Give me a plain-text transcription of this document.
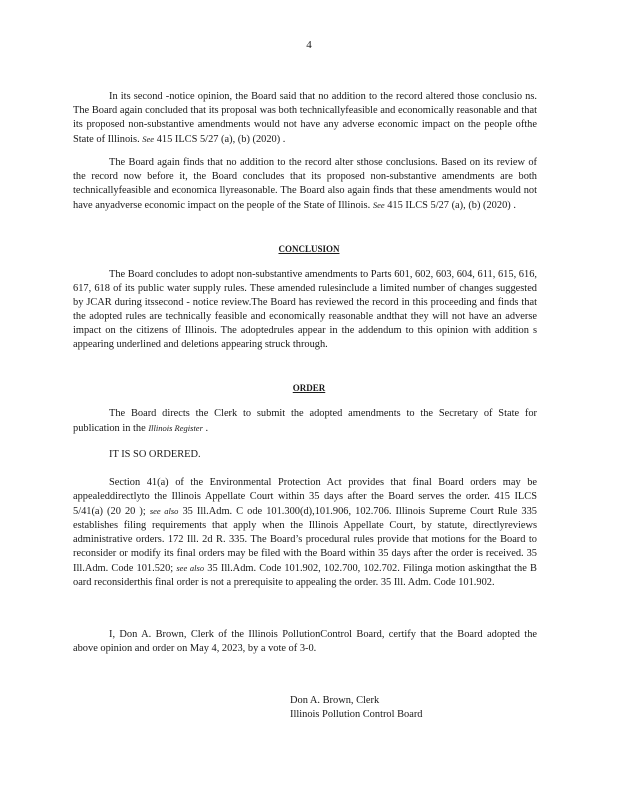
4

In its second -notice opinion, the Board said that no addition to the record altered those conclusio ns. The Board again concluded that its proposal was both technicallyfeasible and economically reasonable and that its proposed non-substantive amendments would not have any adverse economic impact on the people ofthe State of Illinois. See 415 ILCS 5/27 (a), (b) (2020) .

The Board again finds that no addition to the record alter sthose conclusions. Based on its review of the record now before it, the Board concludes that its proposed non-substantive amendments are both technicallyfeasible and economica llyreasonable. The Board also again finds that these amendments would not have anyadverse economic impact on the people of the State of Illinois. See 415 ILCS 5/27 (a), (b) (2020) .

CONCLUSION

The Board concludes to adopt non-substantive amendments to Parts 601, 602, 603, 604, 611, 615, 616, 617, 618 of its public water supply rules. These amended rulesinclude a limited number of changes suggested by JCAR during itssecond - notice review.The Board has reviewed the record in this proceeding and finds that the adopted rules are technically feasible and economically reasonable andthat they will not have an adverse impact on the citizens of Illinois. The adoptedrules appear in the addendum to this opinion with addition s appearing underlined and deletions appearing struck through.

ORDER

The Board directs the Clerk to submit the adopted amendments to the Secretary of State for publication in the Illinois Register .

IT IS SO ORDERED.

Section 41(a) of the Environmental Protection Act provides that final Board orders may be appealeddirectlyto the Illinois Appellate Court within 35 days after the Board serves the order. 415 ILCS 5/41(a) (20 20 ); see also 35 Ill.Adm. C ode 101.300(d),101.906, 102.706. Illinois Supreme Court Rule 335 establishes filing requirements that apply when the Illinois Appellate Court, by statute, directlyreviews administrative orders. 172 Ill. 2d R. 335. The Board’s procedural rules provide that motions for the Board to reconsider or modify its final orders may be filed with the Board within 35 days after the order is received. 35 Ill.Adm. Code 101.520; see also 35 Ill.Adm. Code 101.902, 102.700, 102.702. Filinga motion askingthat the B oard reconsiderthis final order is not a prerequisite to appealing the order. 35 Ill. Adm. Code 101.902.

I, Don A. Brown, Clerk of the Illinois PollutionControl Board, certify that the Board adopted the above opinion and order on May 4, 2023, by a vote of 3-0.

Don A. Brown, Clerk
Illinois Pollution Control Board
